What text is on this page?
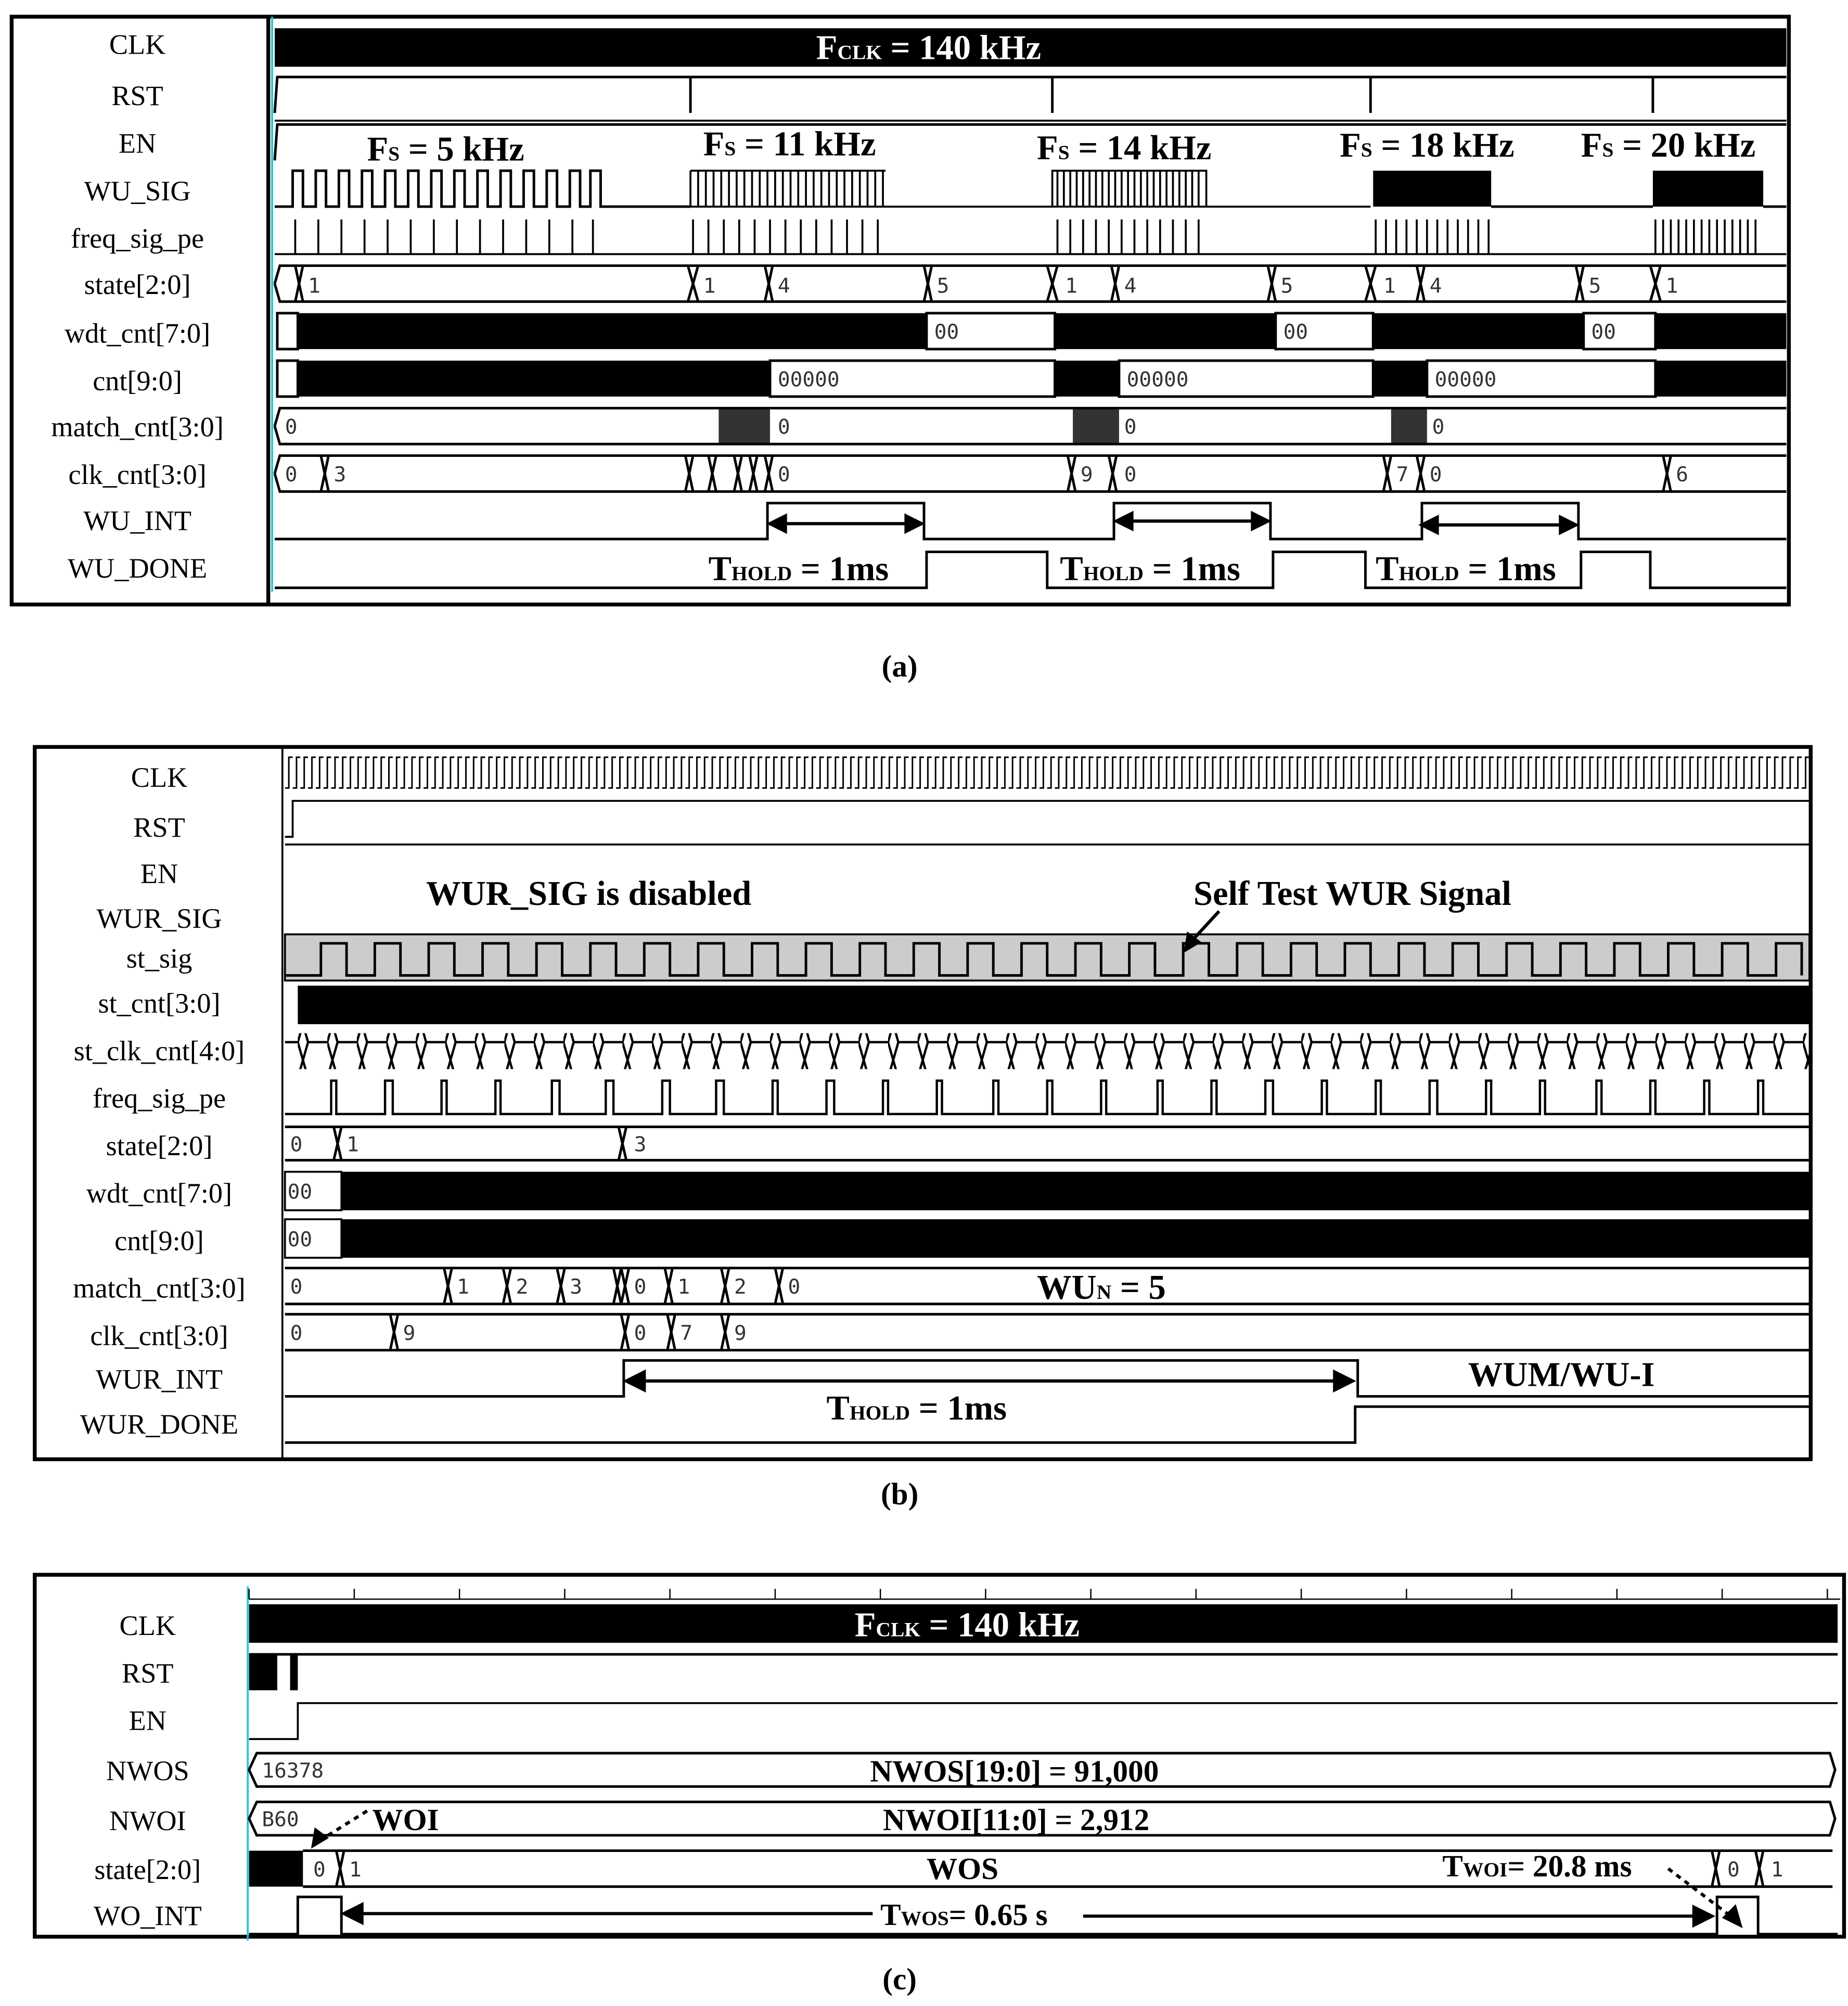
CLK
RST
EN
WU_SIG
freq_sig_pe
state[2:0]
wdt_cnt[7:0]
cnt[9:0]
match_cnt[3:0]
clk_cnt[3:0]
WU_INT
WU_DONE
1	1	4	5	1	4	5	1	4	5	1
00	00	00
00000	00000	00000
0	0	0	0
0	3	0	9	0	7	0	6
FCLK = 140 kHz
FS = 5 kHz	FS = 11 kHz	FS = 14 kHz	FS = 18 kHz	FS = 20 kHz
THOLD = 1ms	THOLD = 1ms	THOLD = 1ms
(a)
CLK
RST
EN
WUR_SIG
st_sig
st_cnt[3:0]
st_clk_cnt[4:0]
freq_sig_pe
state[2:0]
wdt_cnt[7:0]
cnt[9:0]
match_cnt[3:0]
clk_cnt[3:0]
WUR_INT
WUR_DONE
0	1	3
00
00
0	1	2	3	0	1	2	0
0	9	0	7	9
WUR_SIG is disabled	Self Test WUR Signal
WUN = 5
THOLD = 1ms
WUM/WU-I
(b)
CLK
RST
EN
NWOS
NWOI
state[2:0]
WO_INT
16378
B60
0	1	0	1
FCLK = 140 kHz
NWOS[19:0] = 91,000
WOI	NWOI[11:0] = 2,912
WOS	TWOI= 20.8 ms
TWOS= 0.65 s
(c)
